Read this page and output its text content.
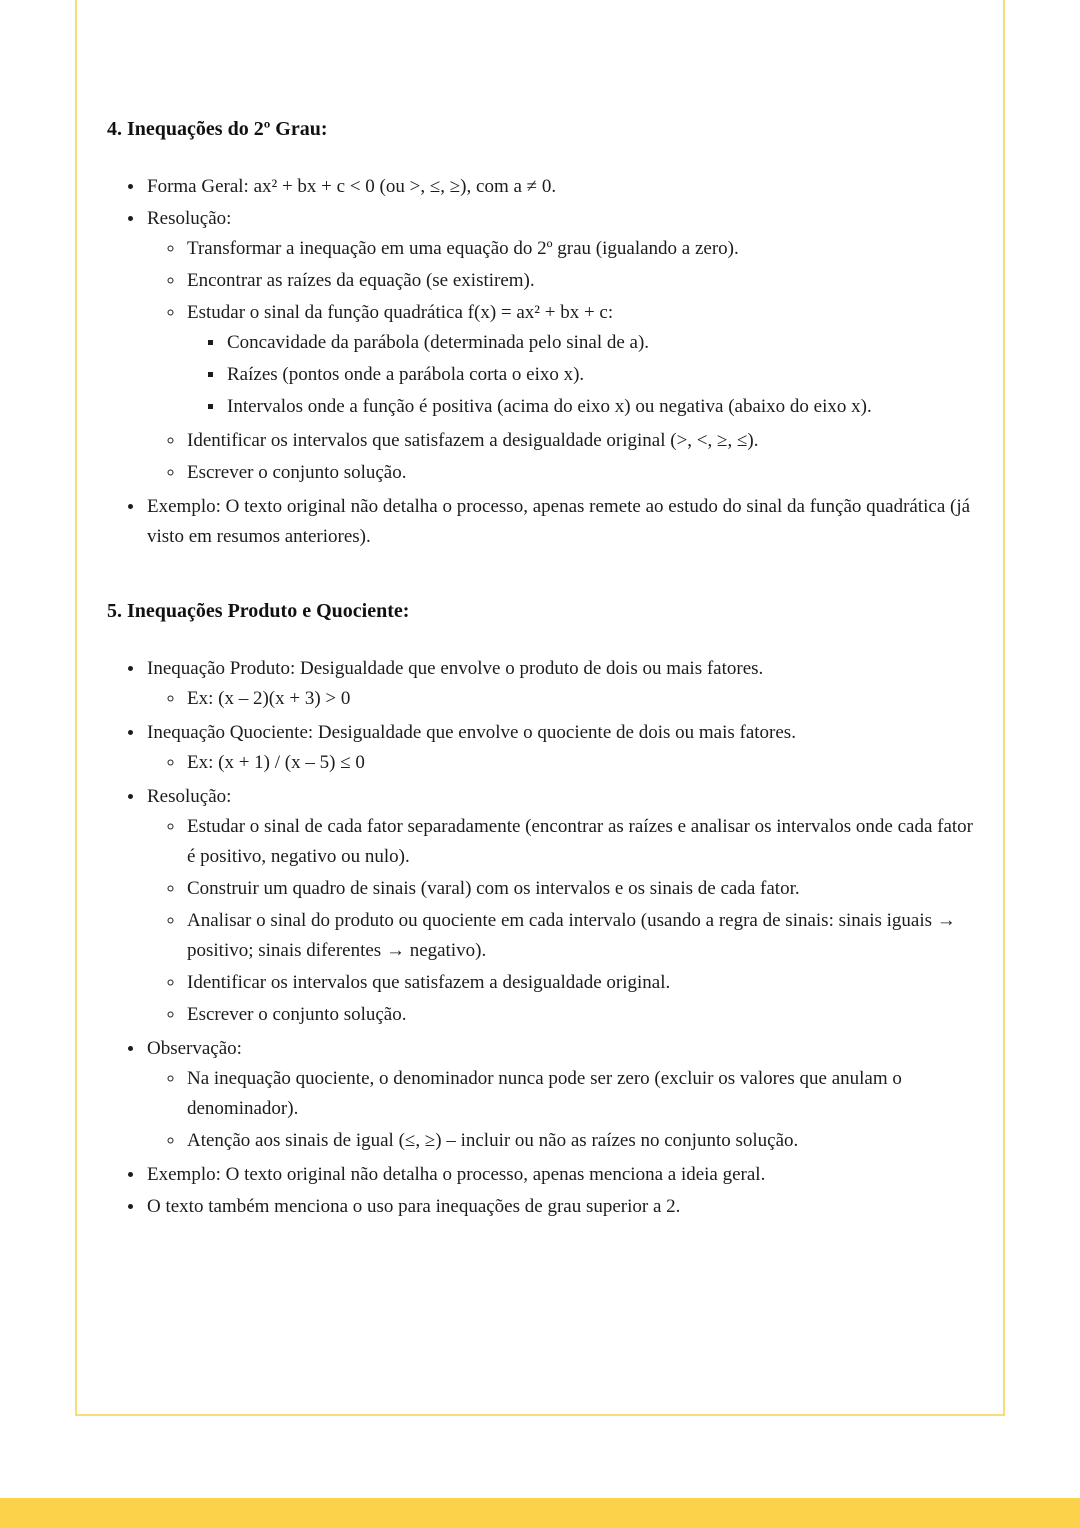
4. Inequações do 2º Grau:
• Forma Geral: ax² + bx + c < 0 (ou >, ≤, ≥), com a ≠ 0.
• Resolução:
◦ Transformar a inequação em uma equação do 2º grau (igualando a zero).
◦ Encontrar as raízes da equação (se existirem).
◦ Estudar o sinal da função quadrática f(x) = ax² + bx + c:
▪ Concavidade da parábola (determinada pelo sinal de a).
▪ Raízes (pontos onde a parábola corta o eixo x).
▪ Intervalos onde a função é positiva (acima do eixo x) ou negativa (abaixo do eixo x).
◦ Identificar os intervalos que satisfazem a desigualdade original (>, <, ≥, ≤).
◦ Escrever o conjunto solução.
• Exemplo: O texto original não detalha o processo, apenas remete ao estudo do sinal da função quadrática (já visto em resumos anteriores).
5. Inequações Produto e Quociente:
• Inequação Produto: Desigualdade que envolve o produto de dois ou mais fatores.
◦ Ex: (x – 2)(x + 3) > 0
• Inequação Quociente: Desigualdade que envolve o quociente de dois ou mais fatores.
◦ Ex: (x + 1) / (x – 5) ≤ 0
• Resolução:
◦ Estudar o sinal de cada fator separadamente (encontrar as raízes e analisar os intervalos onde cada fator é positivo, negativo ou nulo).
◦ Construir um quadro de sinais (varal) com os intervalos e os sinais de cada fator.
◦ Analisar o sinal do produto ou quociente em cada intervalo (usando a regra de sinais: sinais iguais → positivo; sinais diferentes → negativo).
◦ Identificar os intervalos que satisfazem a desigualdade original.
◦ Escrever o conjunto solução.
• Observação:
◦ Na inequação quociente, o denominador nunca pode ser zero (excluir os valores que anulam o denominador).
◦ Atenção aos sinais de igual (≤, ≥) – incluir ou não as raízes no conjunto solução.
• Exemplo: O texto original não detalha o processo, apenas menciona a ideia geral.
• O texto também menciona o uso para inequações de grau superior a 2.
